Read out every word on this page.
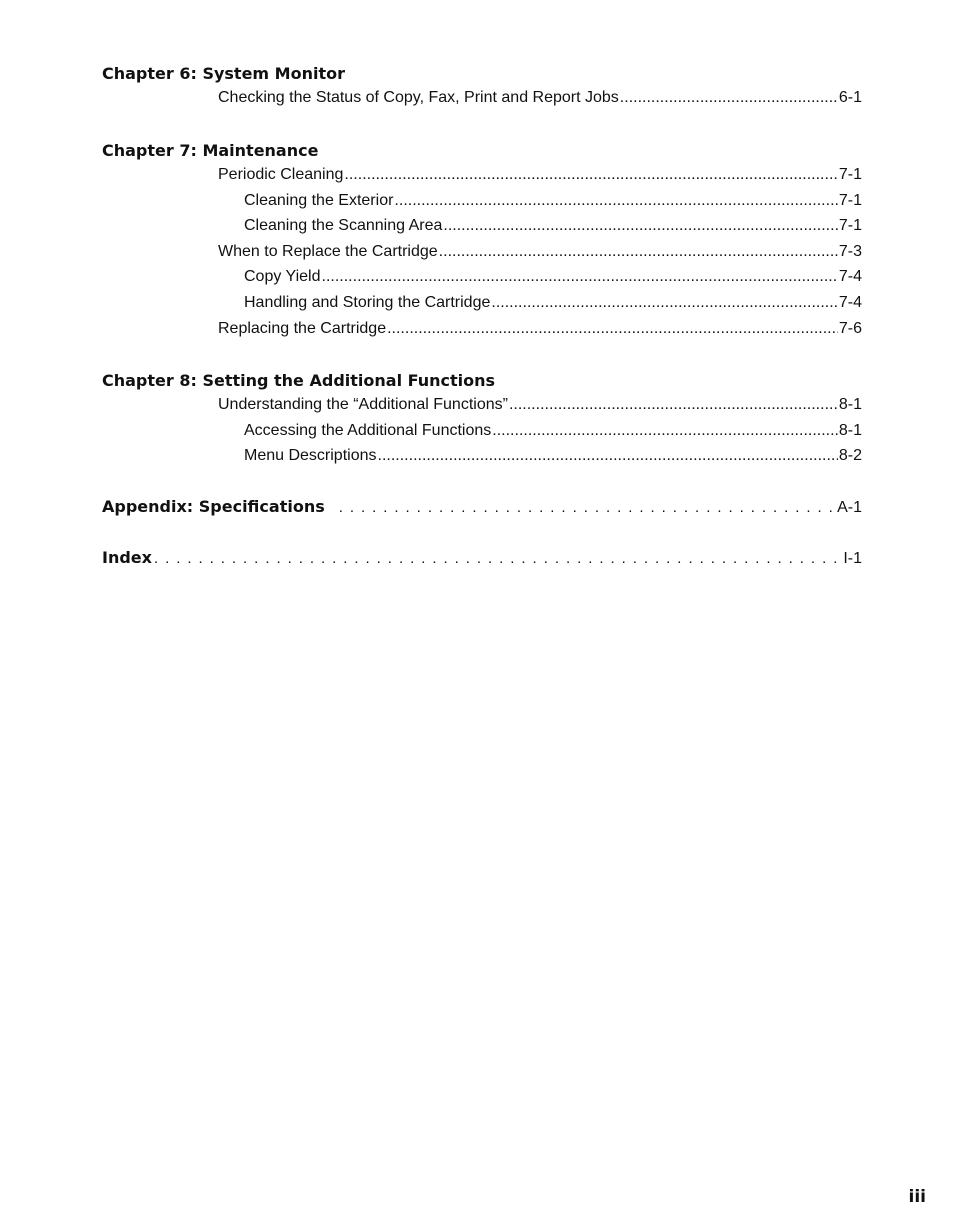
Chapter 6: System Monitor
Checking the Status of Copy, Fax, Print and Report Jobs .....	6-1
Chapter 7: Maintenance
Periodic Cleaning .....	7-1
Cleaning the Exterior .....	7-1
Cleaning the Scanning Area .....	7-1
When to Replace the Cartridge .....	7-3
Copy Yield .....	7-4
Handling and Storing the Cartridge .....	7-4
Replacing the Cartridge .....	7-6
Chapter 8: Setting the Additional Functions
Understanding the “Additional Functions” .....	8-1
Accessing the Additional Functions .....	8-1
Menu Descriptions .....	8-2
Appendix: Specifications . . .	A-1
Index . . .	I-1
iii
